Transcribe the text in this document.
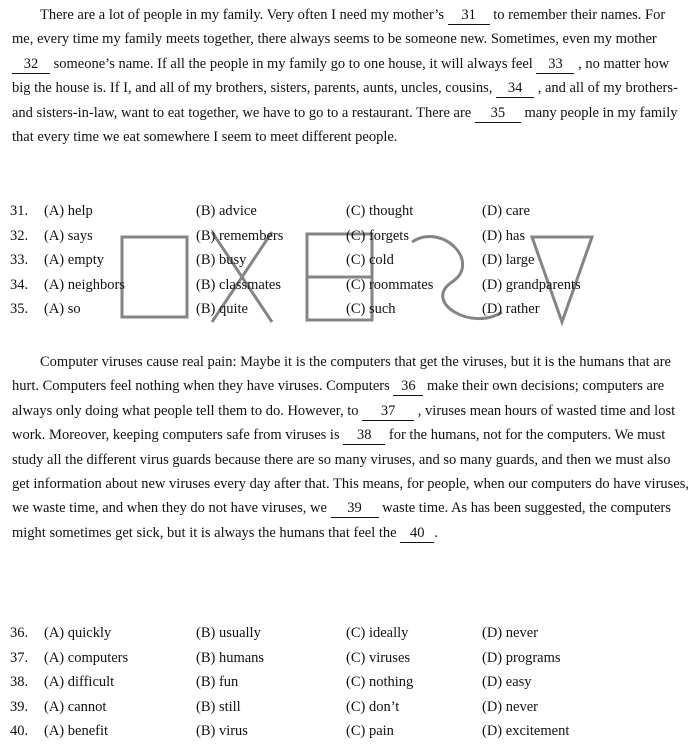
There are a lot of people in my family. Very often I need my mother’s 31 to remember their names. For me, every time my family meets together, there always seems to be someone new. Sometimes, even my mother 32 someone’s name. If all the people in my family go to one house, it will always feel 33 , no matter how big the house is. If I, and all of my brothers, sisters, parents, aunts, uncles, cousins, 34 , and all of my brothers- and sisters-in-law, want to eat together, we have to go to a restaurant. There are 35 many people in my family that every time we eat somewhere I seem to meet different people.

31. (A) help	(B) advice	(C) thought	(D) care
32. (A) says	(B) remembers	(C) forgets	(D) has
33. (A) empty	(B) busy	(C) cold	(D) large
34. (A) neighbors	(B) classmates	(C) roommates	(D) grandparents
35. (A) so	(B) quite	(C) such	(D) rather

Computer viruses cause real pain: Maybe it is the computers that get the viruses, but it is the humans that are hurt. Computers feel nothing when they have viruses. Computers 36 make their own decisions; computers are always only doing what people tell them to do. However, to 37 , viruses mean hours of wasted time and lost work. Moreover, keeping computers safe from viruses is 38 for the humans, not for the computers. We must study all the different virus guards because there are so many viruses, and so many guards, and then we must also get information about new viruses every day after that. This means, for people, when our computers do have viruses, we waste time, and when they do not have viruses, we 39 waste time. As has been suggested, the computers might sometimes get sick, but it is always the humans that feel the 40 .

36. (A) quickly	(B) usually	(C) ideally	(D) never
37. (A) computers	(B) humans	(C) viruses	(D) programs
38. (A) difficult	(B) fun	(C) nothing	(D) easy
39. (A) cannot	(B) still	(C) don’t	(D) never
40. (A) benefit	(B) virus	(C) pain	(D) excitement
